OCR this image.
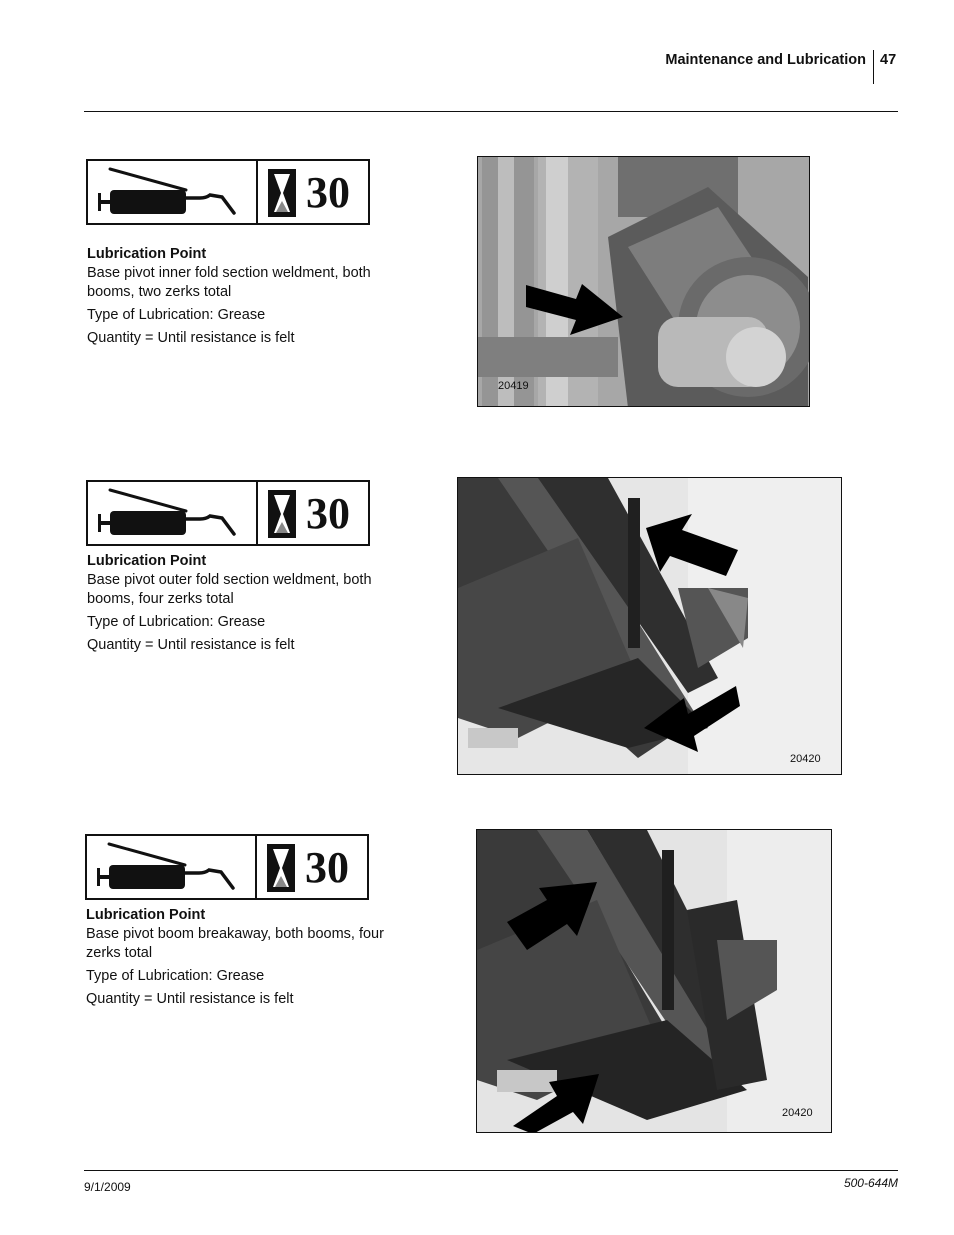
Maintenance and Lubrication 47
30

Lubrication Point

Base pivot inner fold section weldment, both booms, two zerks total

Type of Lubrication: Grease

Quantity = Until resistance is felt

20419
30

Lubrication Point

Base pivot outer fold section weldment, both booms, four zerks total

Type of Lubrication: Grease

Quantity = Until resistance is felt

20420
30

Lubrication Point

Base pivot boom breakaway, both booms, four zerks total

Type of Lubrication: Grease

Quantity = Until resistance is felt

20420
9/1/2009	500-644M
